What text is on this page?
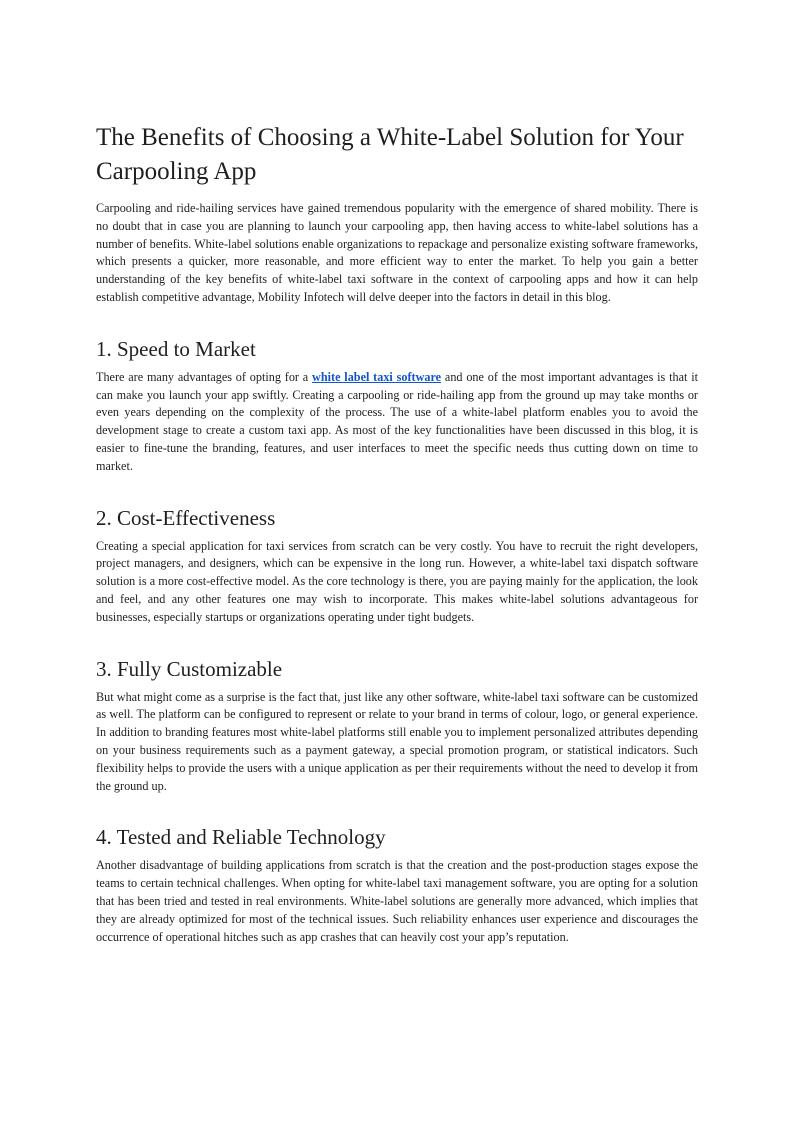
The Benefits of Choosing a White-Label Solution for Your Carpooling App

Carpooling and ride-hailing services have gained tremendous popularity with the emergence of shared mobility. There is no doubt that in case you are planning to launch your carpooling app, then having access to white-label solutions has a number of benefits. White-label solutions enable organizations to repackage and personalize existing software frameworks, which presents a quicker, more reasonable, and more efficient way to enter the market. To help you gain a better understanding of the key benefits of white-label taxi software in the context of carpooling apps and how it can help establish competitive advantage, Mobility Infotech will delve deeper into the factors in detail in this blog.

1. Speed to Market

There are many advantages of opting for a white label taxi software and one of the most important advantages is that it can make you launch your app swiftly. Creating a carpooling or ride-hailing app from the ground up may take months or even years depending on the complexity of the process. The use of a white-label platform enables you to avoid the development stage to create a custom taxi app. As most of the key functionalities have been discussed in this blog, it is easier to fine-tune the branding, features, and user interfaces to meet the specific needs thus cutting down on time to market.

2. Cost-Effectiveness

Creating a special application for taxi services from scratch can be very costly. You have to recruit the right developers, project managers, and designers, which can be expensive in the long run. However, a white-label taxi dispatch software solution is a more cost-effective model. As the core technology is there, you are paying mainly for the application, the look and feel, and any other features one may wish to incorporate. This makes white-label solutions advantageous for businesses, especially startups or organizations operating under tight budgets.

3. Fully Customizable

But what might come as a surprise is the fact that, just like any other software, white-label taxi software can be customized as well. The platform can be configured to represent or relate to your brand in terms of colour, logo, or general experience. In addition to branding features most white-label platforms still enable you to implement personalized attributes depending on your business requirements such as a payment gateway, a special promotion program, or statistical indicators. Such flexibility helps to provide the users with a unique application as per their requirements without the need to develop it from the ground up.

4. Tested and Reliable Technology

Another disadvantage of building applications from scratch is that the creation and the post-production stages expose the teams to certain technical challenges. When opting for white-label taxi management software, you are opting for a solution that has been tried and tested in real environments. White-label solutions are generally more advanced, which implies that they are already optimized for most of the technical issues. Such reliability enhances user experience and discourages the occurrence of operational hitches such as app crashes that can heavily cost your app’s reputation.
